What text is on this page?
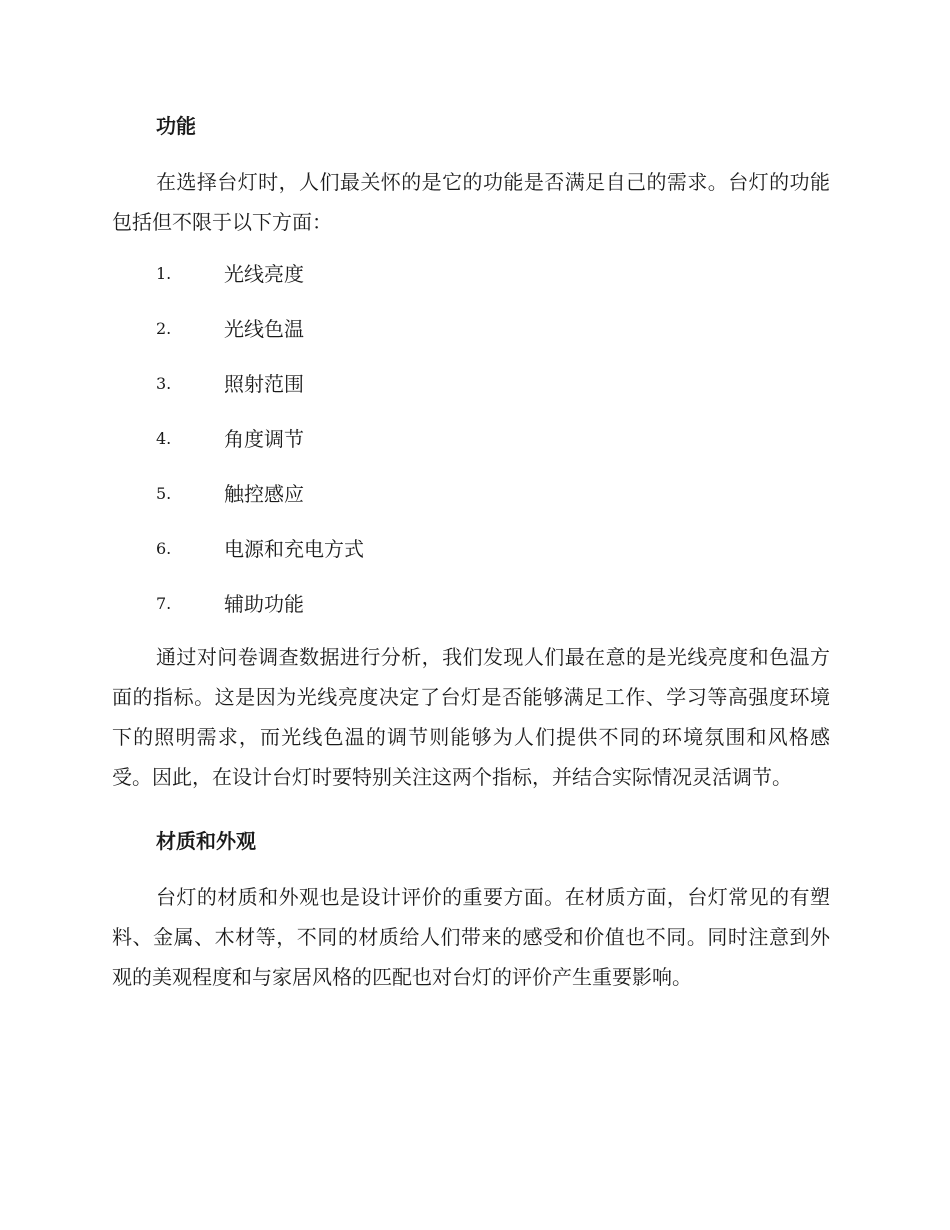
功能

在选择台灯时，人们最关怀的是它的功能是否满足自己的需求。台灯的功能包括但不限于以下方面：

1.	光线亮度
2.	光线色温
3.	照射范围
4.	角度调节
5.	触控感应
6.	电源和充电方式
7.	辅助功能

通过对问卷调查数据进行分析，我们发现人们最在意的是光线亮度和色温方面的指标。这是因为光线亮度决定了台灯是否能够满足工作、学习等高强度环境下的照明需求，而光线色温的调节则能够为人们提供不同的环境氛围和风格感受。因此，在设计台灯时要特别关注这两个指标，并结合实际情况灵活调节。

材质和外观

台灯的材质和外观也是设计评价的重要方面。在材质方面，台灯常见的有塑料、金属、木材等，不同的材质给人们带来的感受和价值也不同。同时注意到外观的美观程度和与家居风格的匹配也对台灯的评价产生重要影响。
